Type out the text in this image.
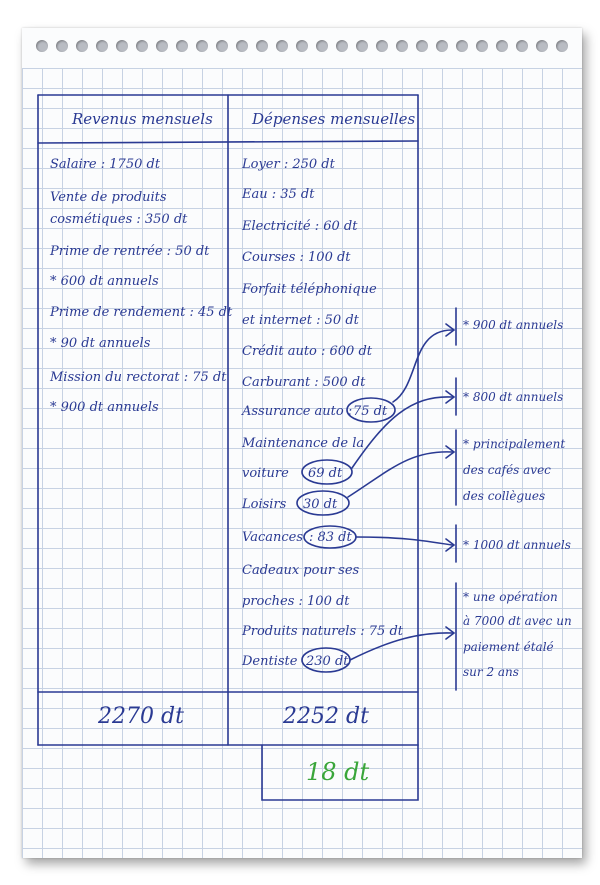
Revenus mensuels	Dépenses mensuelles
Salaire : 1750 dt
Vente de produits
cosmétiques : 350 dt
Prime de rentrée : 50 dt
* 600 dt annuels
Prime de rendement : 45 dt
* 90 dt annuels
Mission du rectorat : 75 dt
* 900 dt annuels
Loyer : 250 dt
Eau : 35 dt
Electricité : 60 dt
Courses : 100 dt
Forfait téléphonique
et internet : 50 dt
Crédit auto : 600 dt
Carburant : 500 dt
Assurance auto : 75 dt
Maintenance de la
voiture 69 dt
Loisirs 30 dt
Vacances : 83 dt
Cadeaux pour ses
proches : 100 dt
Produits naturels : 75 dt
Dentiste 230 dt
* 900 dt annuels
* 800 dt annuels
* principalement
des cafés avec
des collègues
* 1000 dt annuels
* une opération
à 7000 dt avec un
paiement étalé
sur 2 ans
2270 dt	2252 dt
18 dt
